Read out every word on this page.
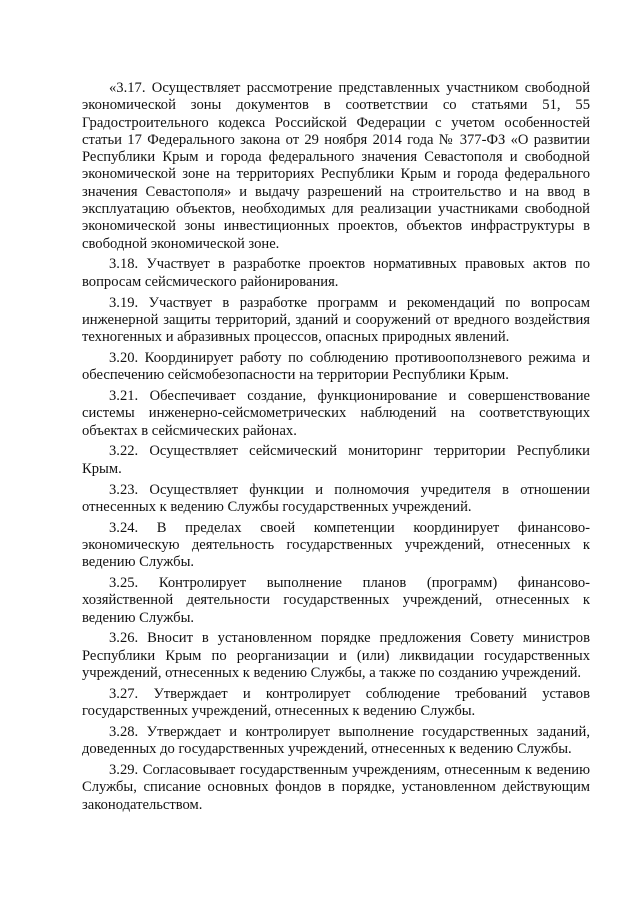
«3.17. Осуществляет рассмотрение представленных участником свободной экономической зоны документов в соответствии со статьями 51, 55 Градостроительного кодекса Российской Федерации с учетом особенностей статьи 17 Федерального закона от 29 ноября 2014 года № 377-ФЗ «О развитии Республики Крым и города федерального значения Севастополя и свободной экономической зоне на территориях Республики Крым и города федерального значения Севастополя» и выдачу разрешений на строительство и на ввод в эксплуатацию объектов, необходимых для реализации участниками свободной экономической зоны инвестиционных проектов, объектов инфраструктуры в свободной экономической зоне.

3.18. Участвует в разработке проектов нормативных правовых актов по вопросам сейсмического районирования.

3.19. Участвует в разработке программ и рекомендаций по вопросам инженерной защиты территорий, зданий и сооружений от вредного воздействия техногенных и абразивных процессов, опасных природных явлений.

3.20. Координирует работу по соблюдению противооползневого режима и обеспечению сейсмобезопасности на территории Республики Крым.

3.21. Обеспечивает создание, функционирование и совершенствование системы инженерно-сейсмометрических наблюдений на соответствующих объектах в сейсмических районах.

3.22. Осуществляет сейсмический мониторинг территории Республики Крым.

3.23. Осуществляет функции и полномочия учредителя в отношении отнесенных к ведению Службы государственных учреждений.

3.24. В пределах своей компетенции координирует финансово-экономическую деятельность государственных учреждений, отнесенных к ведению Службы.

3.25. Контролирует выполнение планов (программ) финансово-хозяйственной деятельности государственных учреждений, отнесенных к ведению Службы.

3.26. Вносит в установленном порядке предложения Совету министров Республики Крым по реорганизации и (или) ликвидации государственных учреждений, отнесенных к ведению Службы, а также по созданию учреждений.

3.27. Утверждает и контролирует соблюдение требований уставов государственных учреждений, отнесенных к ведению Службы.

3.28. Утверждает и контролирует выполнение государственных заданий, доведенных до государственных учреждений, отнесенных к ведению Службы.

3.29. Согласовывает государственным учреждениям, отнесенным к ведению Службы, списание основных фондов в порядке, установленном действующим законодательством.
